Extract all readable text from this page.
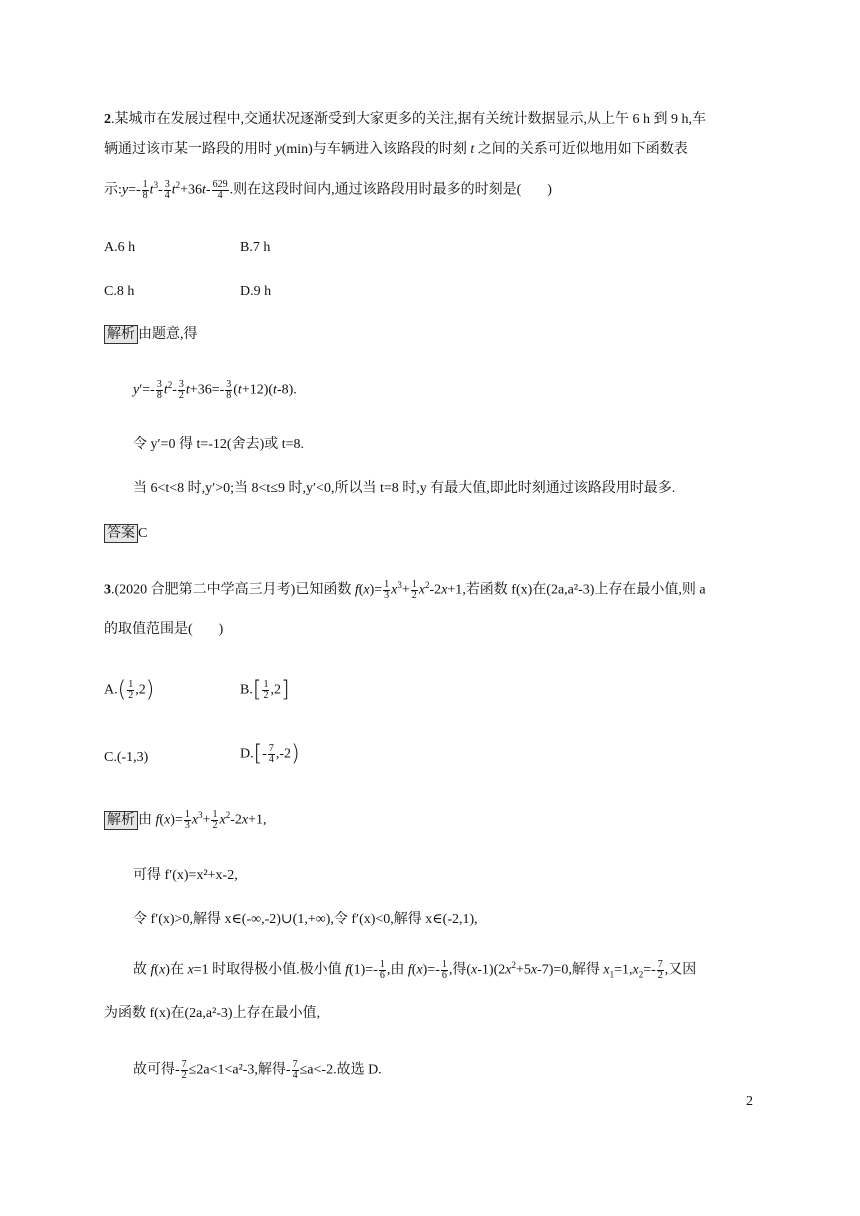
2.某城市在发展过程中,交通状况逐渐受到大家更多的关注,据有关统计数据显示,从上午 6 h 到 9 h,车
辆通过该市某一路段的用时 y(min)与车辆进入该路段的时刻 t 之间的关系可近似地用如下函数表
示:y=- $\frac{1}{8} t^3- \frac{3}{4} t^2+36t- \frac{629}{4}$ .则在这段时间内,通过该路段用时最多的时刻是( )
A.6 h	B.7 h
C.8 h	D.9 h
解析 由题意,得
$y'=- \frac{3}{8} t^2- \frac{3}{2} t+36=- \frac{3}{8} (t+12)(t-8)$.
令 y′=0 得 t=-12(舍去)或 t=8.
当 6<t<8 时,y′>0;当 8<t≤9 时,y′<0,所以当 t=8 时,y 有最大值,即此时刻通过该路段用时最多.
答案 C
3.(2020 合肥第二中学高三月考)已知函数 $f(x)= \frac{1}{3} x^3+ \frac{1}{2} x^2-2x+1$,若函数 f(x)在(2a,a²-3)上存在最小值,则 a
的取值范围是( )
$A.( \frac{1}{2} ,2)$	$B.[ \frac{1}{2} ,2]$
C.(-1,3)	$D.[- \frac{7}{4} ,-2)$
解析 由 $f(x)= \frac{1}{3} x^3+ \frac{1}{2} x^2-2x+1$,
可得 f′(x)=x²+x-2,
令 f′(x)>0,解得 x∈(-∞,-2)∪(1,+∞),令 f′(x)<0,解得 x∈(-2,1),
故 f(x)在 x=1 时取得极小值.极小值 $f(1)=- \frac{1}{6}$ ,由 $f(x)=- \frac{1}{6}$ ,得$(x-1)(2x^2+5x-7)=0$,解得 $x_1=1,x_2=- \frac{7}{2}$ ,又因
为函数 f(x)在(2a,a²-3)上存在最小值,
故可得- $\frac{7}{2} \le 2a<1<a^2-3$,解得- $\frac{7}{4} \le a<-2$.故选 D.
2
